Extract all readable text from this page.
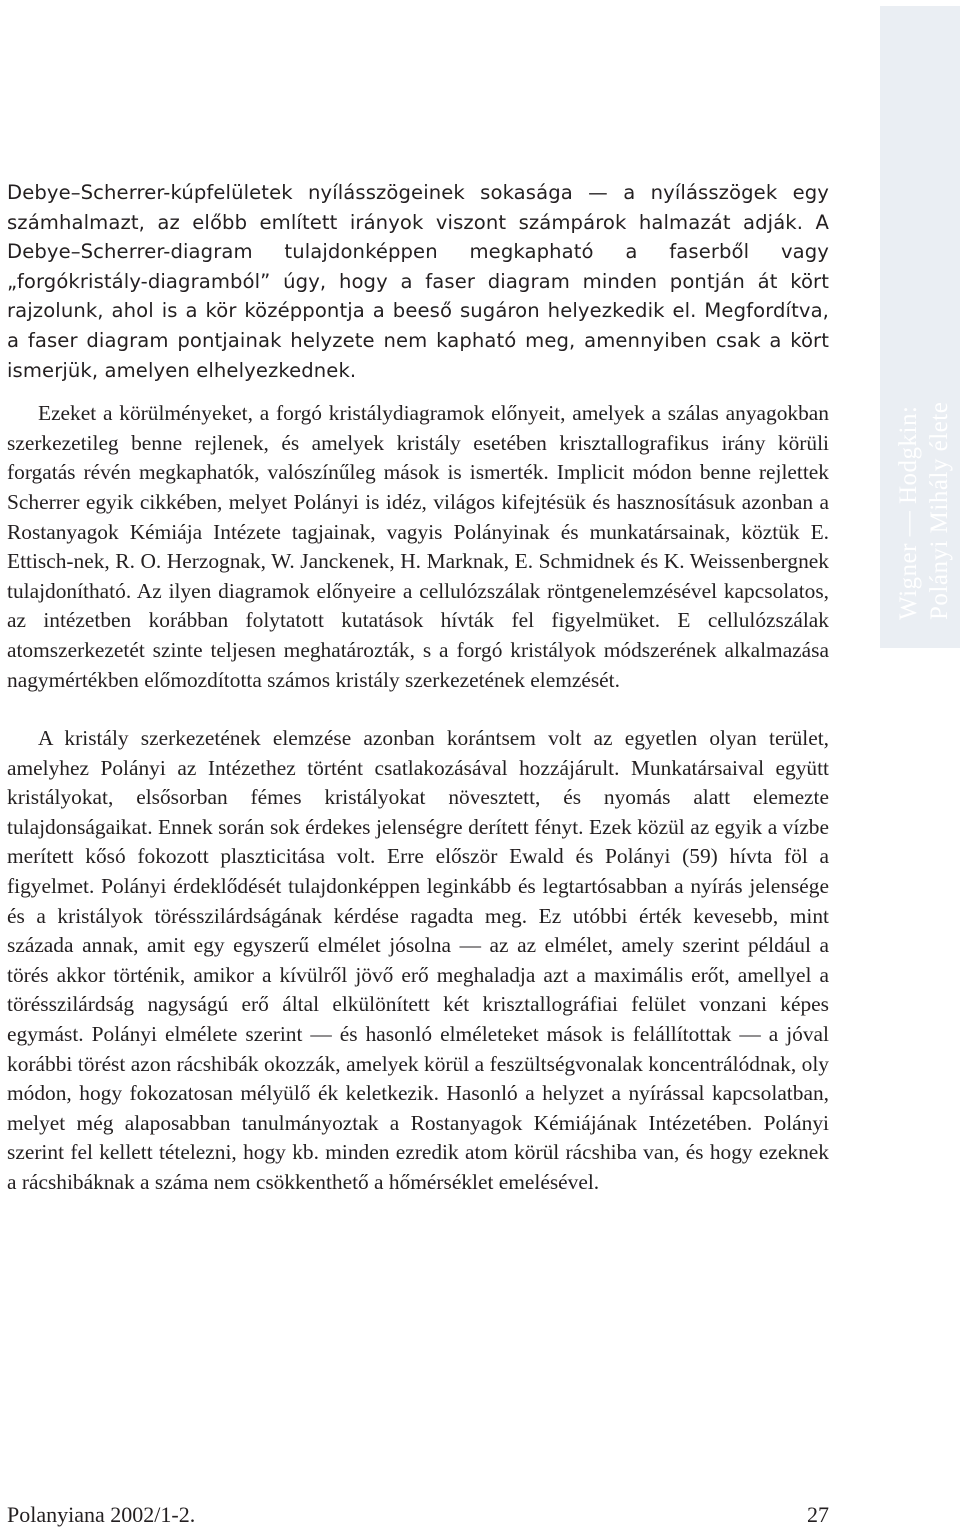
Debye–Scherrer-kúpfelületek nyílásszögeinek sokasága — a nyílásszögek egy számhalmazt, az előbb említett irányok viszont számpárok halmazát adják. A Debye–Scherrer-diagram tulajdonképpen megkapható a faserből vagy „forgókristály-diagramból” úgy, hogy a faser diagram minden pontján át kört rajzolunk, ahol is a kör középpontja a beeső sugáron helyezkedik el. Megfordítva, a faser diagram pontjainak helyzete nem kapható meg, amennyiben csak a kört ismerjük, amelyen elhelyezkednek.

Ezeket a körülményeket, a forgó kristálydiagramok előnyeit, amelyek a szálas anyagokban szerkezetileg benne rejlenek, és amelyek kristály esetében krisztallografikus irány körüli forgatás révén megkaphatók, valószínűleg mások is ismerték. Implicit módon benne rejlettek Scherrer egyik cikkében, melyet Polányi is idéz, világos kifejtésük és hasznosításuk azonban a Rostanyagok Kémiája Intézete tagjainak, vagyis Polányinak és munkatársainak, köztük E. Ettisch-nek, R. O. Herzognak, W. Janckenek, H. Marknak, E. Schmidnek és K. Weissenbergnek tulajdonítható. Az ilyen diagramok előnyeire a cellulózszálak röntgenelemzésével kapcsolatos, az intézetben korábban folytatott kutatások hívták fel figyelmüket. E cellulózszálak atomszerkezetét szinte teljesen meghatározták, s a forgó kristályok módszerének alkalmazása nagymértékben előmozdította számos kristály szerkezetének elemzését.

A kristály szerkezetének elemzése azonban korántsem volt az egyetlen olyan terület, amelyhez Polányi az Intézethez történt csatlakozásával hozzájárult. Munkatársaival együtt kristályokat, elsősorban fémes kristályokat növesztett, és nyomás alatt elemezte tulajdonságaikat. Ennek során sok érdekes jelenségre derített fényt. Ezek közül az egyik a vízbe merített kősó fokozott plaszticitása volt. Erre először Ewald és Polányi (59) hívta föl a figyelmet. Polányi érdeklődését tulajdonképpen leginkább és legtartósabban a nyírás jelensége és a kristályok törésszilárdságának kérdése ragadta meg. Ez utóbbi érték kevesebb, mint százada annak, amit egy egyszerű elmélet jósolna — az az elmélet, amely szerint például a törés akkor történik, amikor a kívülről jövő erő meghaladja azt a maximális erőt, amellyel a törésszilárdság nagyságú erő által elkülönített két krisztallográfiai felület vonzani képes egymást. Polányi elmélete szerint — és hasonló elméleteket mások is felállítottak — a jóval korábbi törést azon rácshibák okozzák, amelyek körül a feszültségvonalak koncentrálódnak, oly módon, hogy fokozatosan mélyülő ék keletkezik. Hasonló a helyzet a nyírással kapcsolatban, melyet még alaposabban tanulmányoztak a Rostanyagok Kémiájának Intézetében. Polányi szerint fel kellett tételezni, hogy kb. minden ezredik atom körül rácshiba van, és hogy ezeknek a rácshibáknak a száma nem csökkenthető a hőmérséklet emelésével.

Wigner — Hodgkin: Polányi Mihály élete
Polanyiana 2002/1-2.	27
